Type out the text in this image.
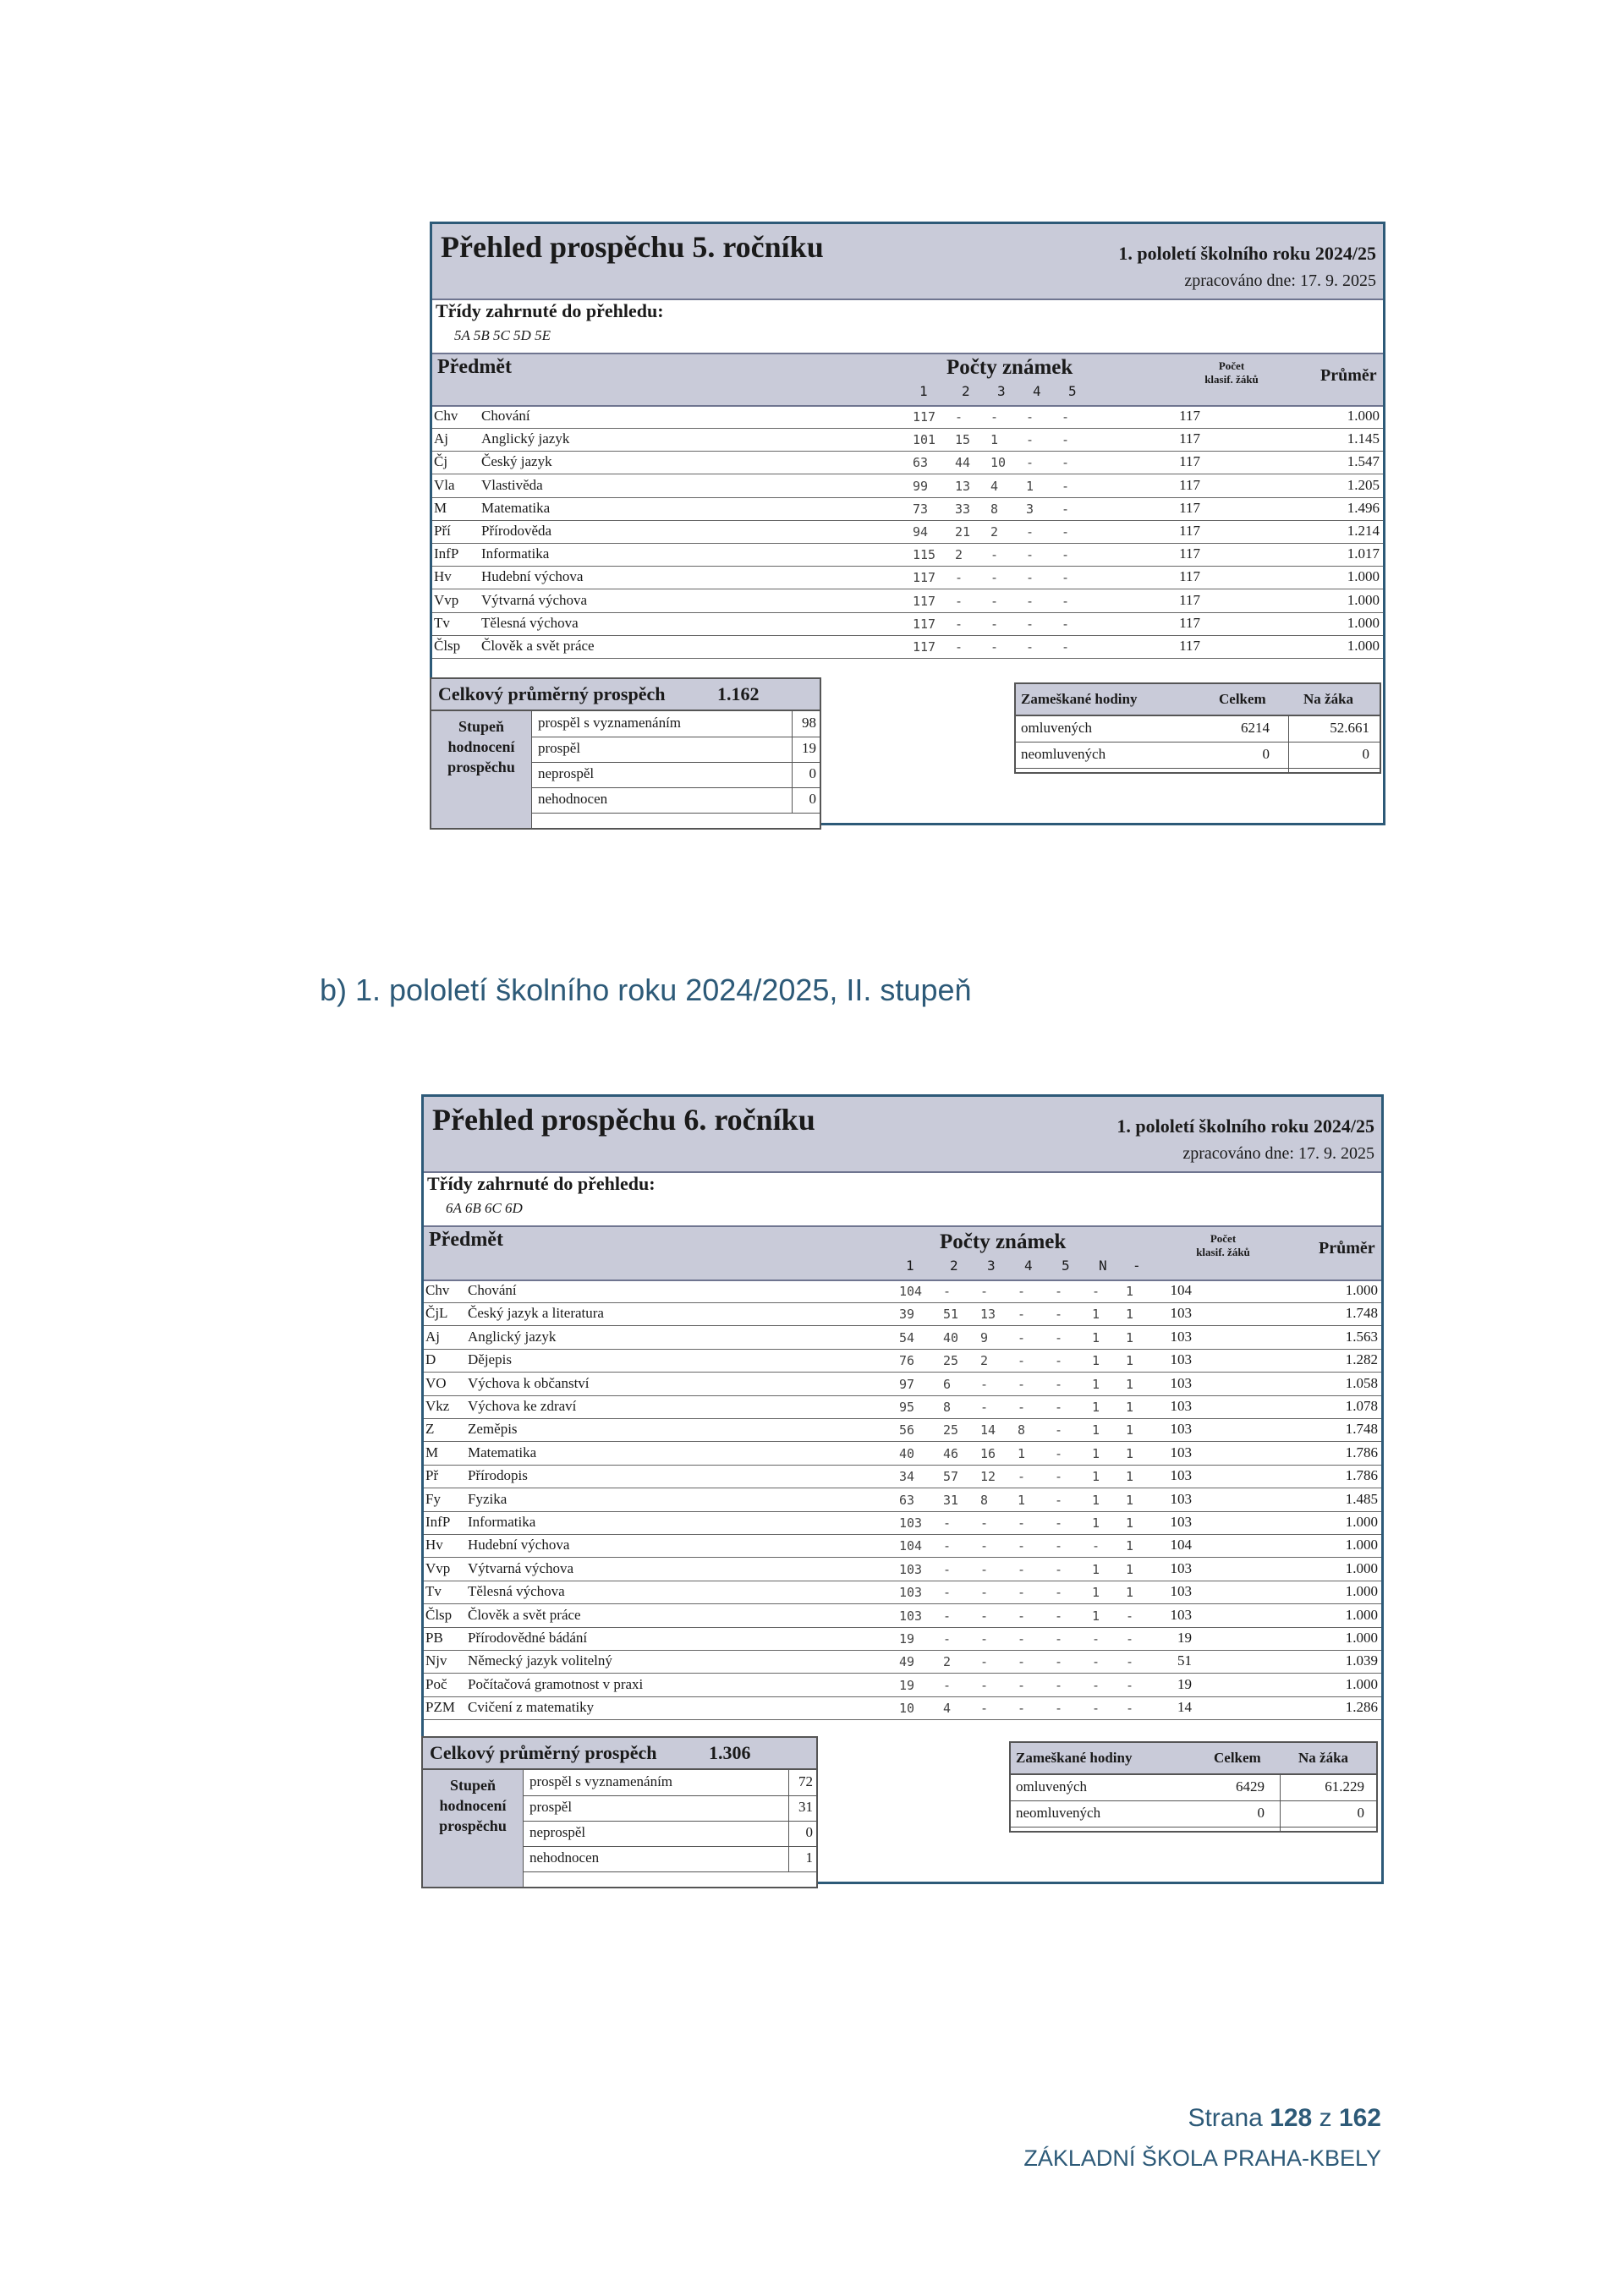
Přehled prospěchu 5. ročníku	1. pololetí školního roku 2024/25
zpracováno dne: 17. 9. 2025
Třídy zahrnuté do přehledu:
5A 5B 5C 5D 5E
Předmět	Počty známek
1	2 3 4 5
Počet
klasif. žáků	Průměr
Chv Chování	117 - - - -	117	1.000
Aj Anglický jazyk	101 15 1 - -	117	1.145
Čj Český jazyk	63 44 10 - -	117	1.547
Vla Vlastivěda	99 13 4 1 -	117	1.205
M Matematika	73 33 8 3 -	117	1.496
Pří Přírodověda	94 21 2 - -	117	1.214
InfP Informatika	115 2 - - -	117	1.017
Hv Hudební výchova	117 - - - -	117	1.000
Vvp Výtvarná výchova	117 - - - -	117	1.000
Tv Tělesná výchova	117 - - - -	117	1.000
Člsp Člověk a svět práce	117 - - - -	117	1.000
Celkový průměrný prospěch	1.162
Stupeň
hodnocení
prospěchu
prospěl s vyznamenáním	98
prospěl	19
neprospěl	0
nehodnocen	0
Zameškané hodiny	Celkem	Na žáka
omluvených	6214	52.661
neomluvených	0	0
b) 1. pololetí školního roku 2024/2025, II. stupeň
Přehled prospěchu 6. ročníku	1. pololetí školního roku 2024/25
zpracováno dne: 17. 9. 2025
Třídy zahrnuté do přehledu:
6A 6B 6C 6D
Předmět	Počty známek
1	2 3 4 5 N -
Počet
klasif. žáků	Průměr
Chv Chování	104 - - - - - 1	104	1.000
ČjL Český jazyk a literatura	39 51 13 - - 1 1	103	1.748
Aj Anglický jazyk	54 40 9 - - 1 1	103	1.563
D Dějepis	76 25 2 - - 1 1	103	1.282
VO Výchova k občanství	97 6 - - - 1 1	103	1.058
Vkz Výchova ke zdraví	95 8 - - - 1 1	103	1.078
Z Zeměpis	56 25 14 8 - 1 1	103	1.748
M Matematika	40 46 16 1 - 1 1	103	1.786
Př Přírodopis	34 57 12 - - 1 1	103	1.786
Fy Fyzika	63 31 8 1 - 1 1	103	1.485
InfP Informatika	103 - - - - 1 1	103	1.000
Hv Hudební výchova	104 - - - - - 1	104	1.000
Vvp Výtvarná výchova	103 - - - - 1 1	103	1.000
Tv Tělesná výchova	103 - - - - 1 1	103	1.000
Člsp Člověk a svět práce	103 - - - - 1 -	103	1.000
PB Přírodovědné bádání	19 - - - - - -	19	1.000
Njv Německý jazyk volitelný	49 2 - - - - -	51	1.039
Poč Počítačová gramotnost v praxi	19 - - - - - -	19	1.000
PZM Cvičení z matematiky	10 4 - - - - -	14	1.286
Celkový průměrný prospěch	1.306
Stupeň
hodnocení
prospěchu
prospěl s vyznamenáním	72
prospěl	31
neprospěl	0
nehodnocen	1
Zameškané hodiny	Celkem	Na žáka
omluvených	6429	61.229
neomluvených	0	0
Strana 128 z 162
ZÁKLADNÍ ŠKOLA PRAHA-KBELY
